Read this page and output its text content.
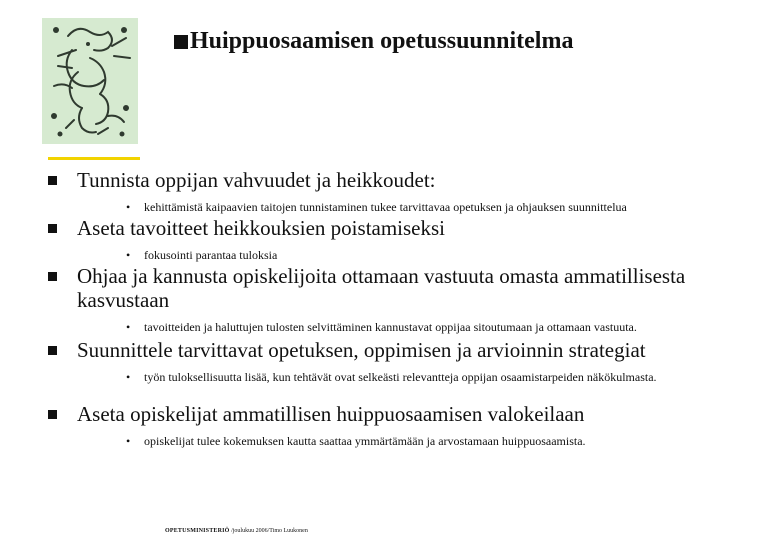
Huippuosaamisen opetussuunnitelma
Tunnista oppijan vahvuudet ja heikkoudet:
•	kehittämistä kaipaavien taitojen tunnistaminen tukee tarvittavaa opetuksen ja ohjauksen suunnittelua
Aseta tavoitteet heikkouksien poistamiseksi
•	fokusointi parantaa tuloksia
Ohjaa ja kannusta opiskelijoita ottamaan vastuuta omasta ammatillisesta kasvustaan
•	tavoitteiden ja haluttujen tulosten selvittäminen kannustavat oppijaa sitoutumaan ja ottamaan vastuuta.
Suunnittele tarvittavat opetuksen, oppimisen ja arvioinnin strategiat
•	työn tuloksellisuutta lisää, kun tehtävät ovat selkeästi relevantteja oppijan osaamistarpeiden näkökulmasta.
Aseta opiskelijat ammatillisen huippuosaamisen valokeilaan
•	opiskelijat tulee kokemuksen kautta saattaa ymmärtämään ja arvostamaan huippuosaamista.
OPETUSMINISTERIÖ /joulukuu 2006/Timo Luukonen
